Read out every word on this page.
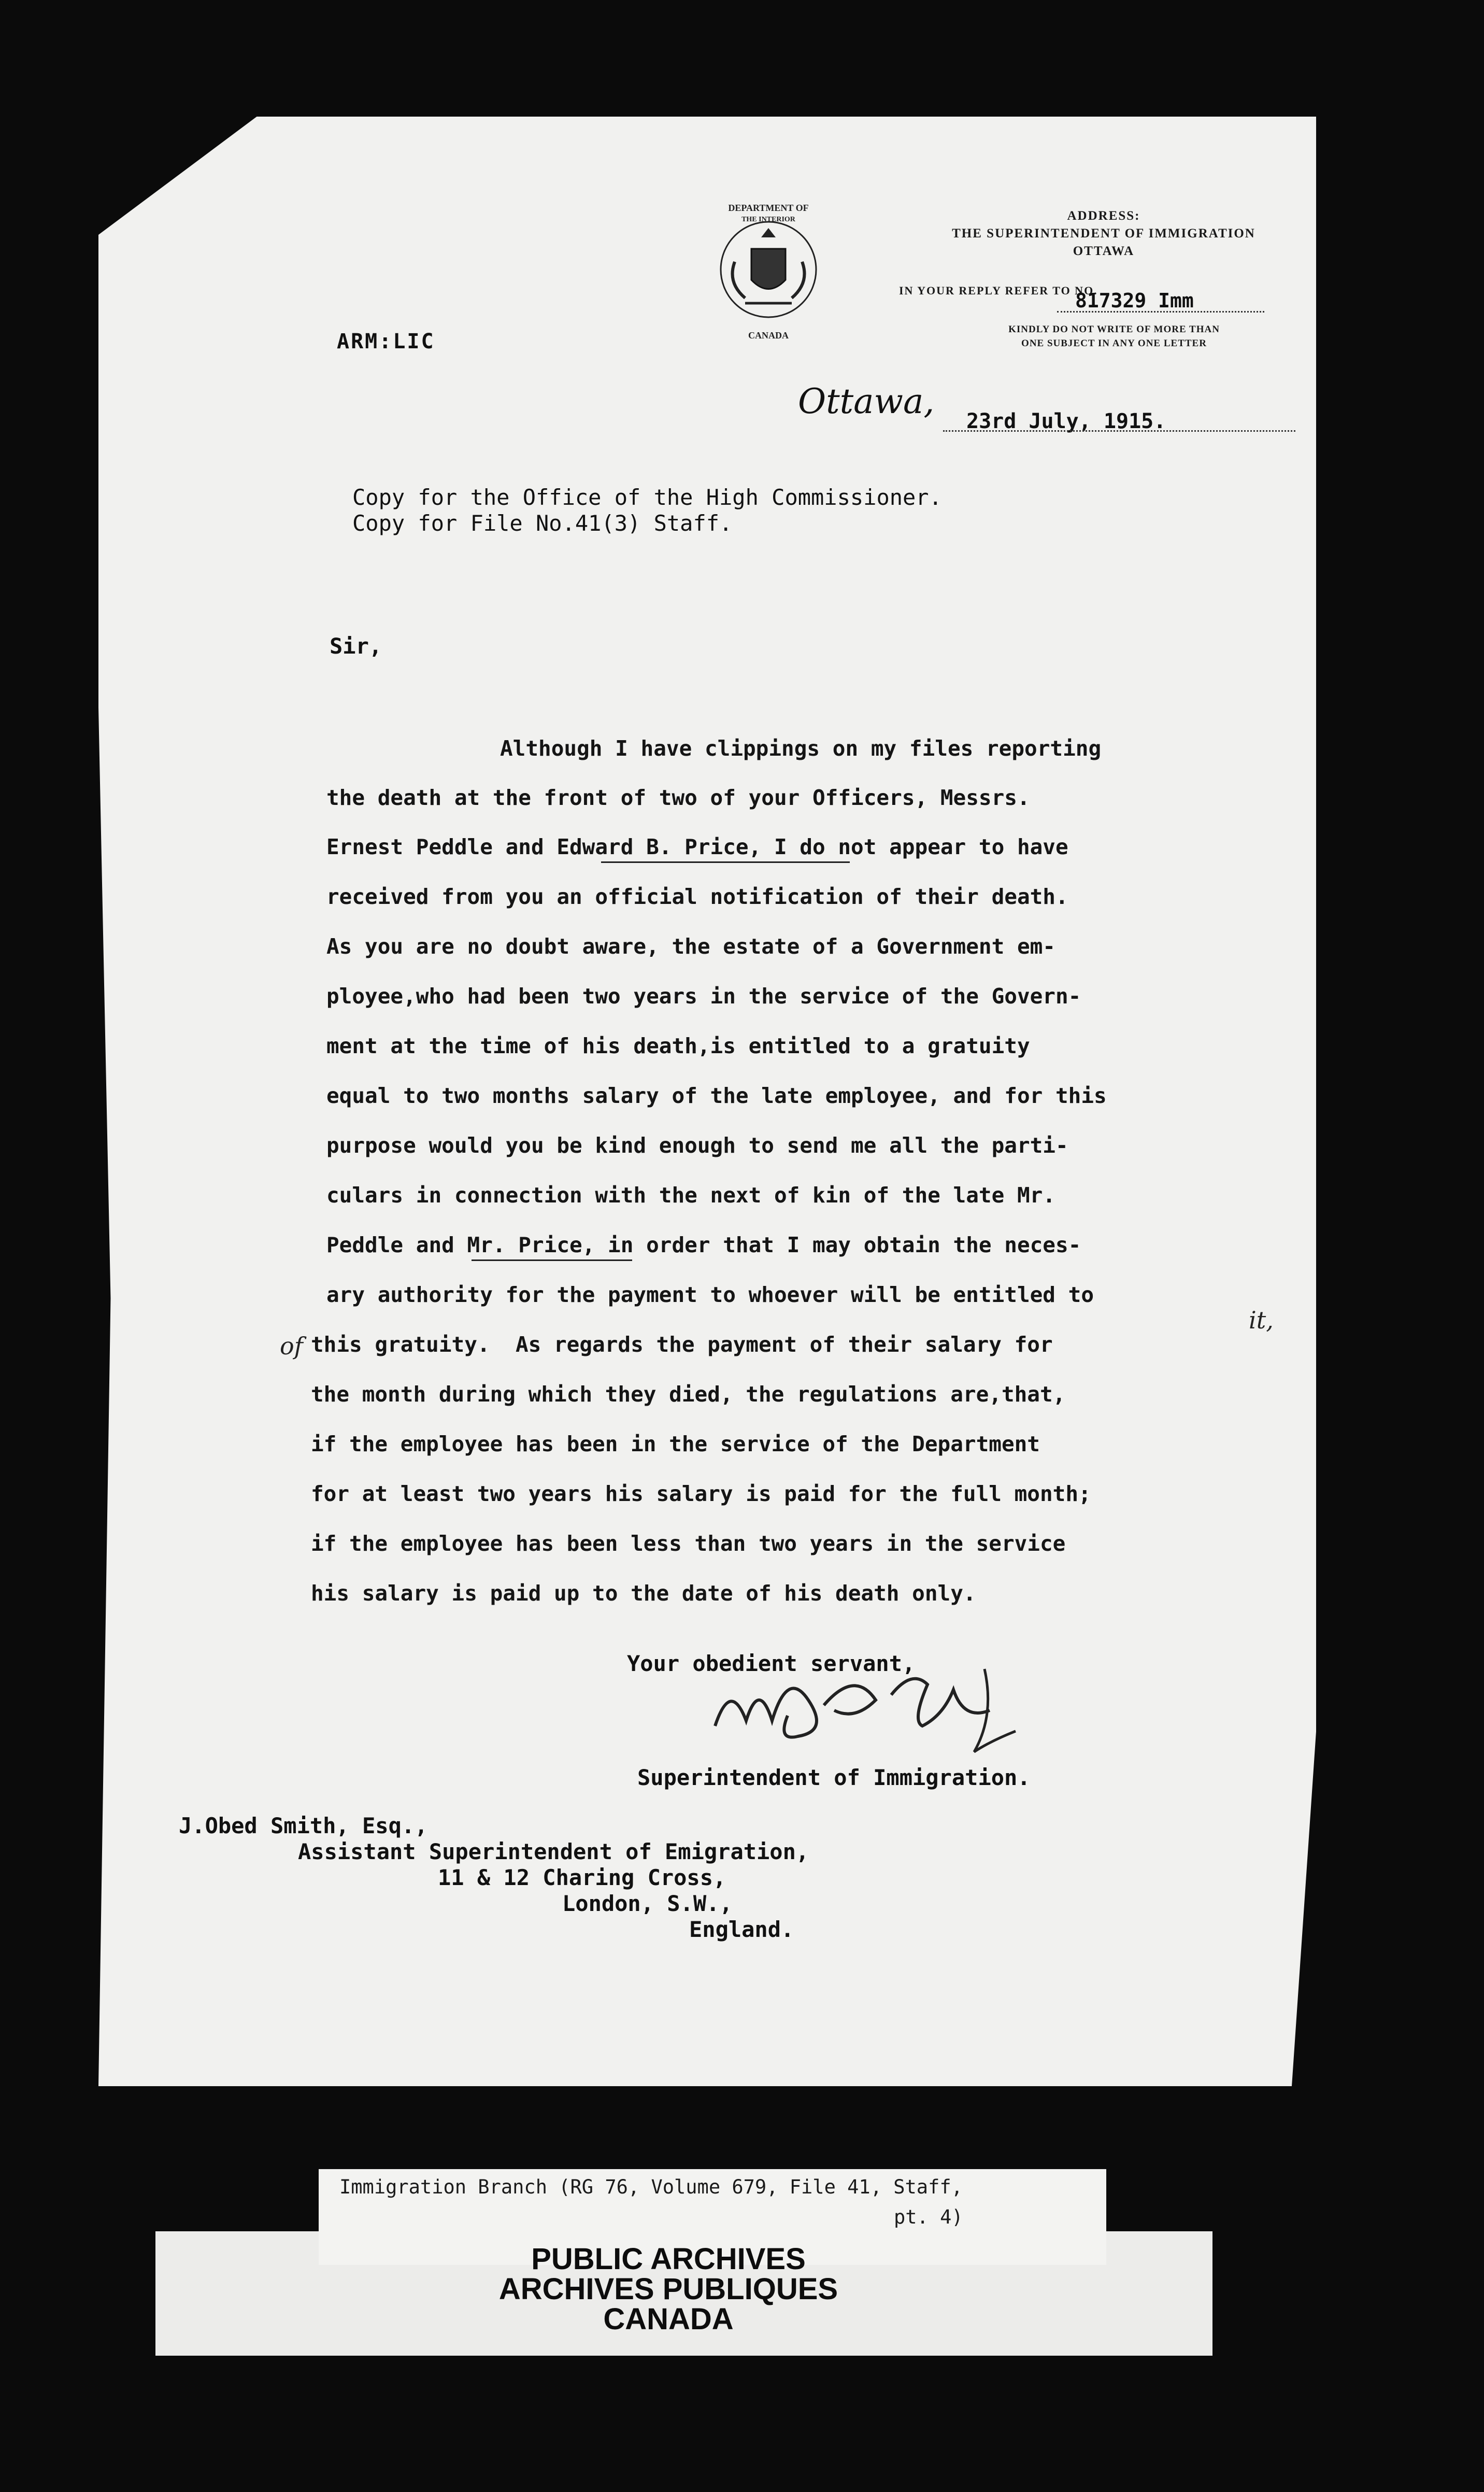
DEPARTMENT OF
THE INTERIOR
CANADA
ADDRESS:
THE SUPERINTENDENT OF IMMIGRATION
OTTAWA
IN YOUR REPLY REFER TO NO.
817329 Imm
KINDLY DO NOT WRITE OF MORE THAN
ONE SUBJECT IN ANY ONE LETTER
ARM:LIC
Ottawa, 23rd July, 1915.
Copy for the Office of the High Commissioner.
Copy for File No.41(3) Staff.
Sir,
Although I have clippings on my files reporting
the death at the front of two of your Officers, Messrs.
Ernest Peddle and Edward B. Price, I do not appear to have
received from you an official notification of their death.
As you are no doubt aware, the estate of a Government em-
ployee,who had been two years in the service of the Govern-
ment at the time of his death,is entitled to a gratuity
equal to two months salary of the late employee, and for this
purpose would you be kind enough to send me all the parti-
culars in connection with the next of kin of the late Mr.
Peddle and Mr. Price, in order that I may obtain the neces-
ary authority for the payment to whoever will be entitled to
this gratuity.  As regards the payment of their salary for
the month during which they died, the regulations are,that,
if the employee has been in the service of the Department
for at least two years his salary is paid for the full month;
if the employee has been less than two years in the service
his salary is paid up to the date of his death only.
it,
of
Your obedient servant,
Superintendent of Immigration.
J.Obed Smith, Esq.,
Assistant Superintendent of Emigration,
11 & 12 Charing Cross,
London, S.W.,
England.
Immigration Branch (RG 76, Volume 679, File 41, Staff,
pt. 4)
PUBLIC ARCHIVES
ARCHIVES PUBLIQUES
CANADA
